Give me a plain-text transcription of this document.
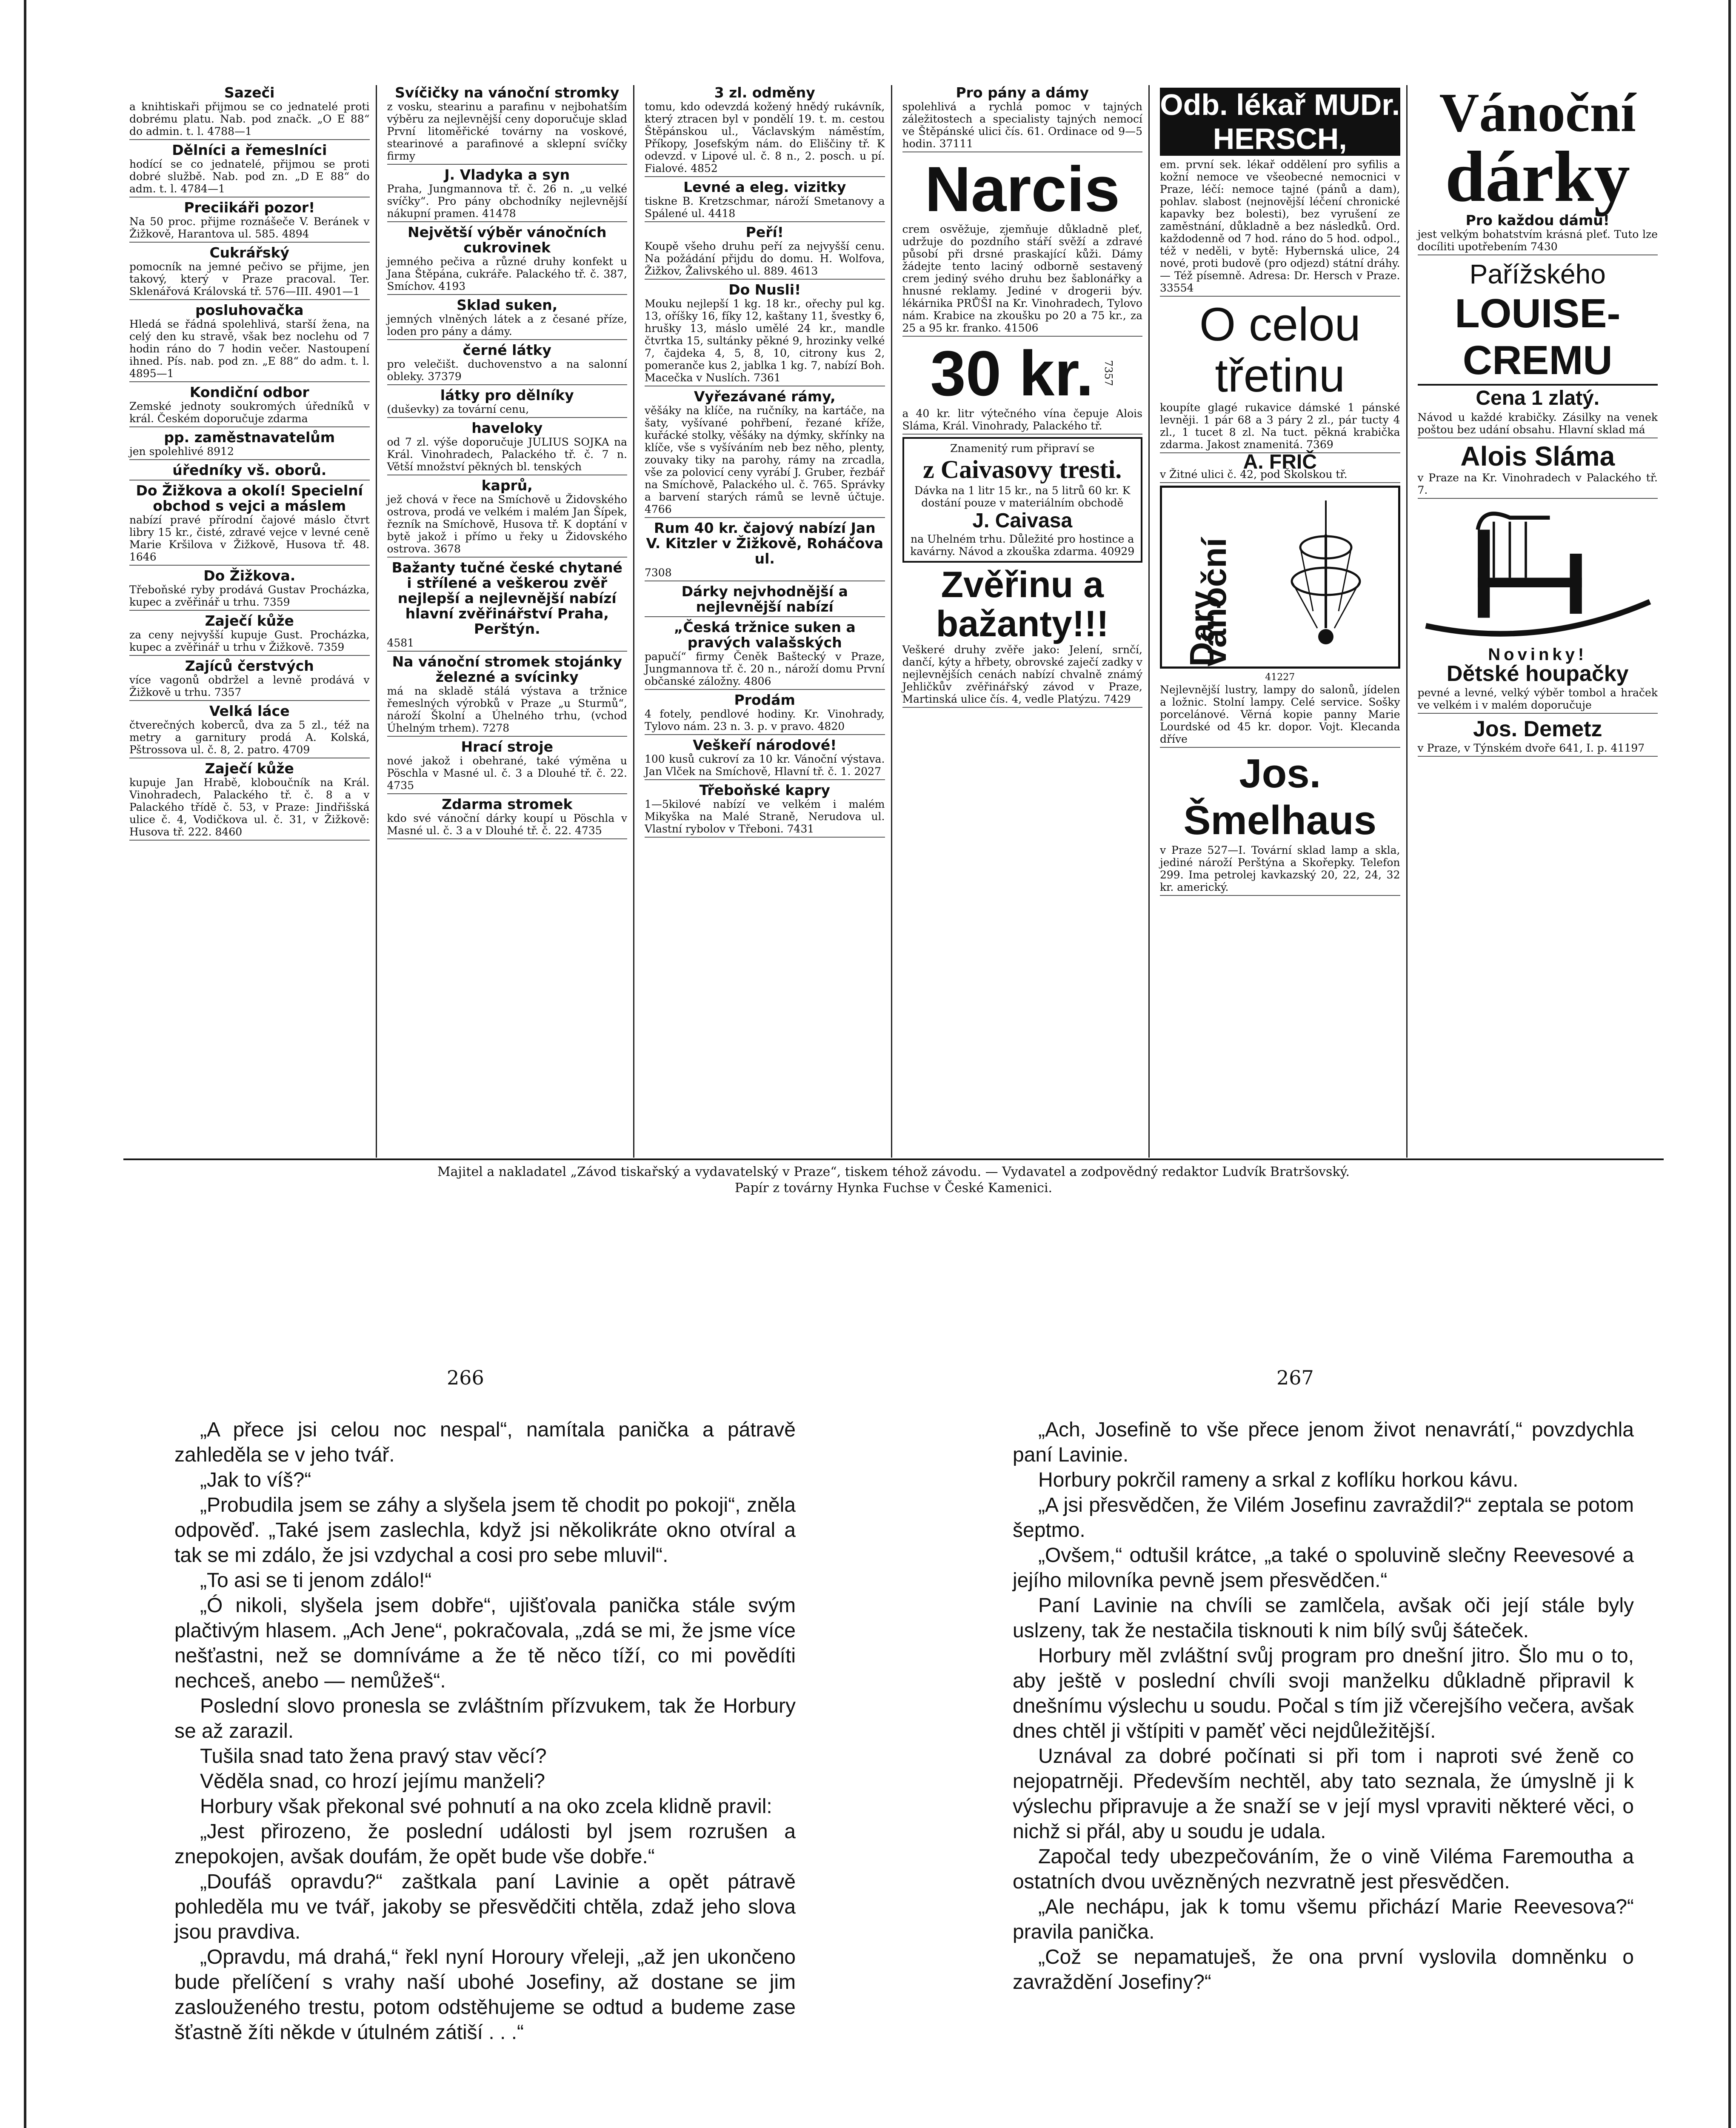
Sazeči

a knihtiskaři přijmou se co jednatelé proti dobrému platu. Nab. pod značk. „O E 88“ do admin. t. l. 4788—1

Dělníci a řemeslníci

hodící se co jednatelé, přijmou se proti dobré službě. Nab. pod zn. „D E 88“ do adm. t. l. 4784—1

Preciikáři pozor!

Na 50 proc. přijme roznášeče V. Beránek v Žižkově, Harantova ul. 585. 4894

Cukrářský

pomocník na jemné pečivo se přijme, jen takový, který v Praze pracoval. Ter. Sklenářová Královská tř. 576—III. 4901—1

posluhovačka

Hledá se řádná spolehlivá, starší žena, na celý den ku stravě, však bez noclehu od 7 hodin ráno do 7 hodin večer. Nastoupení ihned. Pís. nab. pod zn. „E 88“ do adm. t. l. 4895—1

Kondiční odbor

Zemské jednoty soukromých úředníků v král. Českém doporučuje zdarma

pp. zaměstnavatelům

jen spolehlivé 8912

úředníky vš. oborů.
Do Žižkova a okolí! Specielní obchod s vejci a máslem

nabízí pravé přírodní čajové máslo čtvrt libry 15 kr., čisté, zdravé vejce v levné ceně Marie Kršilova v Žižkově, Husova tř. 48. 1646

Do Žižkova.

Třeboňské ryby prodává Gustav Procházka, kupec a zvěřinář u trhu. 7359

Zaječí kůže

za ceny nejvyšší kupuje Gust. Procházka, kupec a zvěřinář u trhu v Žižkově. 7359

Zajíců čerstvých

více vagonů obdržel a levně prodává v Žižkově u trhu. 7357

Velká láce

čtverečných koberců, dva za 5 zl., též na metry a garnitury prodá A. Kolská, Pštrossova ul. č. 8, 2. patro. 4709

Zaječí kůže

kupuje Jan Hrabě, kloboučník na Král. Vinohradech, Palackého tř. č. 8 a v Palackého třídě č. 53, v Praze: Jindřišská ulice č. 4, Vodičkova ul. č. 31, v Žižkově: Husova tř. 222. 8460

Svíčičky na vánoční stromky

z vosku, stearinu a parafinu v nejbohatším výběru za nejlevnější ceny doporučuje sklad První litoměřické továrny na voskové, stearinové a parafinové a sklepní svíčky firmy

J. Vladyka a syn

Praha, Jungmannova tř. č. 26 n. „u velké svíčky“. Pro pány obchodníky nejlevnější nákupní pramen. 41478

Největší výběr vánočních cukrovinek

jemného pečiva a různé druhy konfekt u Jana Štěpána, cukráře. Palackého tř. č. 387, Smíchov. 4193

Sklad suken,

jemných vlněných látek a z česané příze, loden pro pány a dámy.

černé látky

pro velečišt. duchovenstvo a na salonní obleky. 37379

látky pro dělníky

(duševky) za tovární cenu,

haveloky

od 7 zl. výše doporučuje JULIUS SOJKA na Král. Vinohradech, Palackého tř. č. 7 n. Větší množství pěkných bl. tenských

kaprů,

jež chová v řece na Smíchově u Židovského ostrova, prodá ve velkém i malém Jan Šípek, řezník na Smíchově, Husova tř. K doptání v bytě jakož i přímo u řeky u Židovského ostrova. 3678

Bažanty tučné české chytané i střílené a veškerou zvěř nejlepší a nejlevnější nabízí hlavní zvěřinářství Praha, Perštýn.

4581

Na vánoční stromek stojánky železné a svícinky

má na skladě stálá výstava a tržnice řemeslných výrobků v Praze „u Sturmů“, nároží Školní a Úhelného trhu, (vchod Úhelným trhem). 7278

Hrací stroje

nové jakož i obehrané, také výměna u Pöschla v Masné ul. č. 3 a Dlouhé tř. č. 22. 4735

Zdarma stromek

kdo své vánoční dárky koupí u Pöschla v Masné ul. č. 3 a v Dlouhé tř. č. 22. 4735

3 zl. odměny

tomu, kdo odevzdá kožený hnědý rukávník, který ztracen byl v pondělí 19. t. m. cestou Štěpánskou ul., Václavským náměstím, Příkopy, Josefským nám. do Eliščiny tř. K odevzd. v Lipové ul. č. 8 n., 2. posch. u pí. Fialové. 4852

Levné a eleg. vizitky

tiskne B. Kretzschmar, nároží Smetanovy a Spálené ul. 4418

Peří!

Koupě všeho druhu peří za nejvyšší cenu. Na požádání přijdu do domu. H. Wolfova, Žižkov, Žalivského ul. 889. 4613

Do Nusli!

Mouku nejlepší 1 kg. 18 kr., ořechy pul kg. 13, oříšky 16, fíky 12, kaštany 11, švestky 6, hrušky 13, máslo umělé 24 kr., mandle čtvrtka 15, sultánky pěkné 9, hrozinky velké 7, čajdeka 4, 5, 8, 10, citrony kus 2, pomeranče kus 2, jablka 1 kg. 7, nabízí Boh. Macečka v Nuslích. 7361

Vyřezávané rámy,

věšáky na klíče, na ručníky, na kartáče, na šaty, vyšívané pohřbení, řezané kříže, kuřácké stolky, věšáky na dýmky, skřínky na klíče, vše s vyšíváním neb bez něho, plenty, zouvaky tiky na parohy, rámy na zrcadla, vše za polovicí ceny vyrábí J. Gruber, řezbář na Smíchově, Palackého ul. č. 765. Správky a barvení starých rámů se levně účtuje. 4766

Rum 40 kr. čajový nabízí Jan V. Kitzler v Žižkově, Roháčova ul.

7308

Dárky nejvhodnější a nejlevnější nabízí
„Česká tržnice suken a pravých valašských

papučí“ firmy Čeněk Baštecký v Praze, Jungmannova tř. č. 20 n., nároží domu První občanské záložny. 4806

Prodám

4 fotely, pendlové hodiny. Kr. Vinohrady, Tylovo nám. 23 n. 3. p. v pravo. 4820

Veškeří národové!

100 kusů cukroví za 10 kr. Vánoční výstava. Jan Vlček na Smíchově, Hlavní tř. č. 1. 2027

Třeboňské kapry

1—5kilové nabízí ve velkém i malém Mikyška na Malé Straně, Nerudova ul. Vlastní rybolov v Třeboni. 7431

Pro pány a dámy

spolehlivá a rychlá pomoc v tajných záležitostech a specialisty tajných nemocí ve Štěpánské ulici čís. 61. Ordinace od 9—5 hodin. 37111

Narcis

crem osvěžuje, zjemňuje důkladně pleť, udržuje do pozdního stáří svěží a zdravé působí při drsné praskající kůži. Dámy žádejte tento laciný odborně sestavený crem jediný svého druhu bez šablonářky a hnusné reklamy. Jediné v drogerii býv. lékárnika PRŮŠI na Kr. Vinohradech, Tylovo nám. Krabice na zkoušku po 20 a 75 kr., za 25 a 95 kr. franko. 41506

30 kr. 7357

a 40 kr. litr výtečného vína čepuje Alois Sláma, Král. Vinohrady, Palackého tř.

Znamenitý rum připraví se

z Caivasovy tresti.

Dávka na 1 litr 15 kr., na 5 litrů 60 kr. K dostání pouze v materiálním obchodě

J. Caivasa

na Uhelném trhu. Důležité pro hostince a kavárny. Návod a zkouška zdarma. 40929

Zvěřinu a bažanty!!!

Veškeré druhy zvěře jako: Jelení, srnčí, dančí, kýty a hřbety, obrovské zaječí zadky v nejlevnějších cenách nabízí chvalně známý Jehličkův zvěřinářský závod v Praze, Martinská ulice čís. 4, vedle Platýzu. 7429

Odb. lékař MUDr. HERSCH,

em. první sek. lékař oddělení pro syfilis a kožní nemoce ve všeobecné nemocnici v Praze, léčí: nemoce tajné (pánů a dam), pohlav. slabost (nejnovější léčení chronické kapavky bez bolesti), bez vyrušení ze zaměstnání, důkladně a bez následků. Ord. každodenně od 7 hod. ráno do 5 hod. odpol., též v neděli, v bytě: Hybernská ulice, 24 nové, proti budově (pro odjezd) státní dráhy. — Též písemně. Adresa: Dr. Hersch v Praze. 33554

O celou třetinu

koupíte glagé rukavice dámské 1 pánské levněji. 1 pár 68 a 3 páry 2 zl., pár tucty 4 zl., 1 tucet 8 zl. Na tuct. pěkná krabička zdarma. Jakost znamenitá. 7369

A. FRIČ

v Žitné ulici č. 42, pod Školskou tř.

Dary vánoční
41227

Nejlevnější lustry, lampy do salonů, jídelen a ložnic. Stolní lampy. Celé service. Sošky porcelánové. Věrná kopie panny Marie Lourdské od 45 kr. dopor. Vojt. Klecanda dříve

Jos. Šmelhaus

v Praze 527—I. Tovární sklad lamp a skla, jediné nároží Perštýna a Skořepky. Telefon 299. Ima petrolej kavkazský 20, 22, 24, 32 kr. americký.

Vánoční
dárky
Pro každou dámu!

jest velkým bohatstvím krásná pleť. Tuto lze docíliti upotřebením 7430

Pařížského
LOUISE-CREMU
Cena 1 zlatý.

Návod u každé krabičky. Zásilky na venek poštou bez udání obsahu. Hlavní sklad má

Alois Sláma

v Praze na Kr. Vinohradech v Palackého tř. 7.

Novinky!
Dětské houpačky

pevné a levné, velký výběr tombol a hraček ve velkém i v malém doporučuje

Jos. Demetz

v Praze, v Týnském dvoře 641, I. p. 41197

Majitel a nakladatel „Závod tiskařský a vydavatelský v Praze“, tiskem téhož závodu. — Vydavatel a zodpovědný redaktor Ludvík Bratršovský.
Papír z továrny Hynka Fuchse v České Kamenici.
266	267

„A přece jsi celou noc nespal“, namítala panička a pátravě zahleděla se v jeho tvář.

„Jak to víš?“

„Probudila jsem se záhy a slyšela jsem tě chodit po pokoji“, zněla odpověď. „Také jsem zaslechla, když jsi několikráte okno otvíral a tak se mi zdálo, že jsi vzdychal a cosi pro sebe mluvil“.

„To asi se ti jenom zdálo!“

„Ó nikoli, slyšela jsem dobře“, ujišťovala panička stále svým plačtivým hlasem. „Ach Jene“, pokračovala, „zdá se mi, že jsme více nešťastni, než se domníváme a že tě něco tíží, co mi povědíti nechceš, anebo — nemůžeš“.

Poslední slovo pronesla se zvláštním přízvukem, tak že Horbury se až zarazil.

Tušila snad tato žena pravý stav věcí?

Věděla snad, co hrozí jejímu manželi?

Horbury však překonal své pohnutí a na oko zcela klidně pravil:

„Jest přirozeno, že poslední události byl jsem rozrušen a znepokojen, avšak doufám, že opět bude vše dobře.“

„Doufáš opravdu?“ zaštkala paní Lavinie a opět pátravě pohleděla mu ve tvář, jakoby se přesvědčiti chtěla, zdaž jeho slova jsou pravdiva.

„Opravdu, má drahá,“ řekl nyní Horoury vřeleji, „až jen ukončeno bude přelíčení s vrahy naší ubohé Josefiny, až dostane se jim zaslouženého trestu, potom odstěhujeme se odtud a budeme zase šťastně žíti někde v útulném zátiší . . .“

„Ach, Josefině to vše přece jenom život nenavrátí,“ povzdychla paní Lavinie.

Horbury pokrčil rameny a srkal z koflíku horkou kávu.

„A jsi přesvědčen, že Vilém Josefinu zavraždil?“ zeptala se potom šeptmo.

„Ovšem,“ odtušil krátce, „a také o spoluvině slečny Reevesové a jejího milovníka pevně jsem přesvědčen.“

Paní Lavinie na chvíli se zamlčela, avšak oči její stále byly uslzeny, tak že nestačila tisknouti k nim bílý svůj šáteček.

Horbury měl zvláštní svůj program pro dnešní jitro. Šlo mu o to, aby ještě v poslední chvíli svoji manželku důkladně připravil k dnešnímu výslechu u soudu. Počal s tím již včerejšího večera, avšak dnes chtěl ji vštípiti v paměť věci nejdůležitější.

Uznával za dobré počínati si při tom i naproti své ženě co nejopatrněji. Především nechtěl, aby tato seznala, že úmyslně ji k výslechu připravuje a že snaží se v její mysl vpraviti některé věci, o nichž si přál, aby u soudu je udala.

Započal tedy ubezpečováním, že o vině Viléma Faremoutha a ostatních dvou uvězněných nezvratně jest přesvědčen.

„Ale nechápu, jak k tomu všemu přichází Marie Reevesova?“ pravila panička.

„Což se nepamatuješ, že ona první vyslovila domněnku o zavraždění Josefiny?“
